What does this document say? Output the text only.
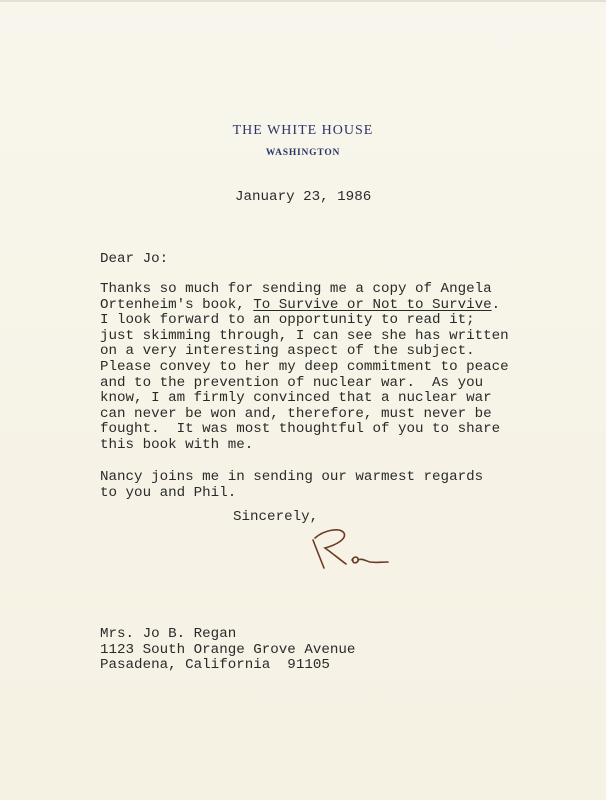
THE WHITE HOUSE
WASHINGTON
January 23, 1986
Dear Jo:
Thanks so much for sending me a copy of Angela
Ortenheim's book, To Survive or Not to Survive.
I look forward to an opportunity to read it;
just skimming through, I can see she has written
on a very interesting aspect of the subject.
Please convey to her my deep commitment to peace
and to the prevention of nuclear war.  As you
know, I am firmly convinced that a nuclear war
can never be won and, therefore, must never be
fought.  It was most thoughtful of you to share
this book with me.
Nancy joins me in sending our warmest regards
to you and Phil.
Sincerely,
Mrs. Jo B. Regan
1123 South Orange Grove Avenue
Pasadena, California  91105
